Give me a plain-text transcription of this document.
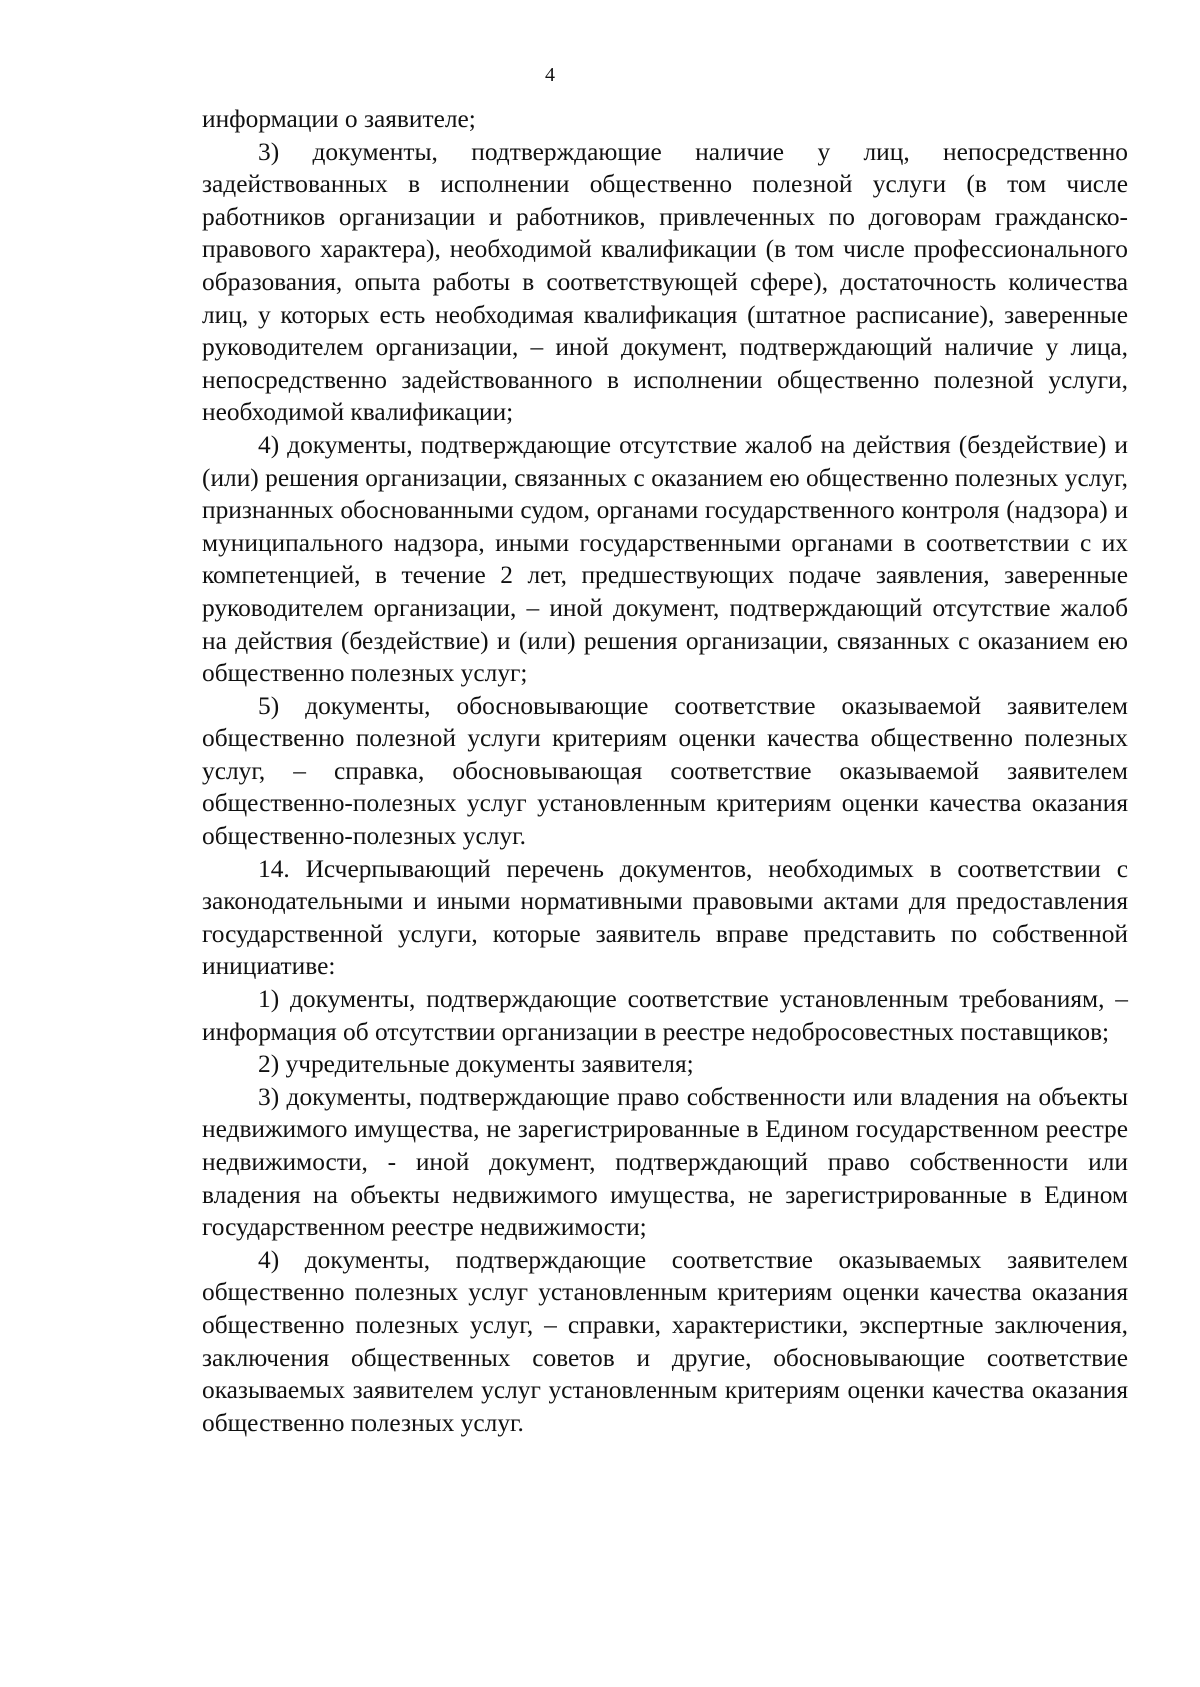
4

информации о заявителе;

3) документы, подтверждающие наличие у лиц, непосредственно задействованных в исполнении общественно полезной услуги (в том числе работников организации и работников, привлеченных по договорам гражданско-правового характера), необходимой квалификации (в том числе профессионального образования, опыта работы в соответствующей сфере), достаточность количества лиц, у которых есть необходимая квалификация (штатное расписание), заверенные руководителем организации, – иной документ, подтверждающий наличие у лица, непосредственно задействованного в исполнении общественно полезной услуги, необходимой квалификации;

4) документы, подтверждающие отсутствие жалоб на действия (бездействие) и (или) решения организации, связанных с оказанием ею общественно полезных услуг, признанных обоснованными судом, органами государственного контроля (надзора) и муниципального надзора, иными государственными органами в соответствии с их компетенцией, в течение 2 лет, предшествующих подаче заявления, заверенные руководителем организации, – иной документ, подтверждающий отсутствие жалоб на действия (бездействие) и (или) решения организации, связанных с оказанием ею общественно полезных услуг;

5) документы, обосновывающие соответствие оказываемой заявителем общественно полезной услуги критериям оценки качества общественно полезных услуг, – справка, обосновывающая соответствие оказываемой заявителем общественно-полезных услуг установленным критериям оценки качества оказания общественно-полезных услуг.

14. Исчерпывающий перечень документов, необходимых в соответствии с законодательными и иными нормативными правовыми актами для предоставления государственной услуги, которые заявитель вправе представить по собственной инициативе:

1) документы, подтверждающие соответствие установленным требованиям, – информация об отсутствии организации в реестре недобросовестных поставщиков;

2) учредительные документы заявителя;

3) документы, подтверждающие право собственности или владения на объекты недвижимого имущества, не зарегистрированные в Едином государственном реестре недвижимости, - иной документ, подтверждающий право собственности или владения на объекты недвижимого имущества, не зарегистрированные в Едином государственном реестре недвижимости;

4) документы, подтверждающие соответствие оказываемых заявителем общественно полезных услуг установленным критериям оценки качества оказания общественно полезных услуг, – справки, характеристики, экспертные заключения, заключения общественных советов и другие, обосновывающие соответствие оказываемых заявителем услуг установленным критериям оценки качества оказания общественно полезных услуг.
